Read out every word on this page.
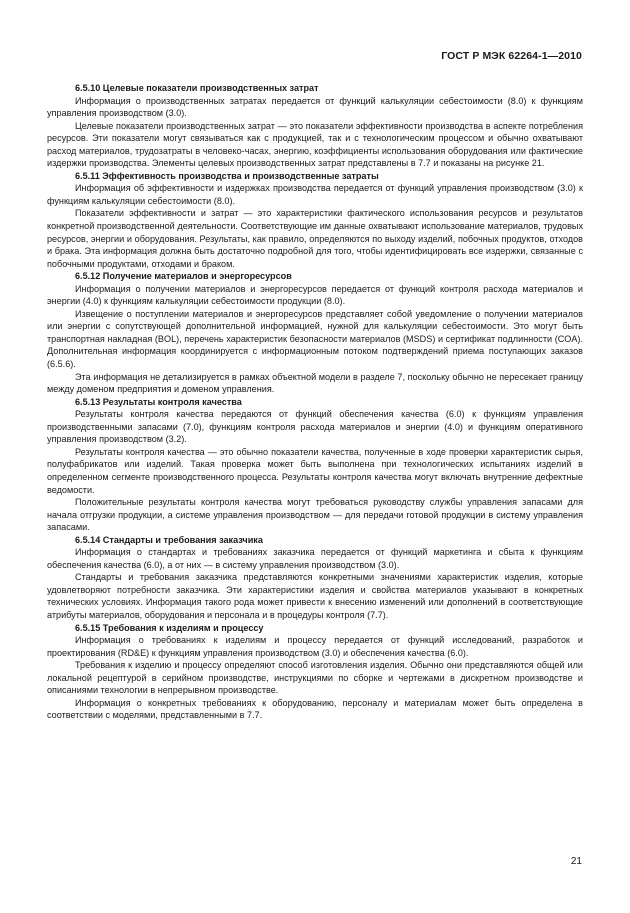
ГОСТ Р МЭК 62264-1—2010
6.5.10 Целевые показатели производственных затрат

Информация о производственных затратах передается от функций калькуляции себестоимости (8.0) к функциям управления производством (3.0).

Целевые показатели производственных затрат — это показатели эффективности производства в аспекте потребления ресурсов. Эти показатели могут связываться как с продукцией, так и с технологическим процессом и обычно охватывают расход материалов, трудозатраты в человеко-часах, энергию, коэффициенты использования оборудования или фактические издержки производства. Элементы целевых производственных затрат представлены в 7.7 и показаны на рисунке 21.

6.5.11 Эффективность производства и производственные затраты

Информация об эффективности и издержках производства передается от функций управления производством (3.0) к функциям калькуляции себестоимости (8.0).

Показатели эффективности и затрат — это характеристики фактического использования ресурсов и результатов конкретной производственной деятельности. Соответствующие им данные охватывают использование материалов, трудовых ресурсов, энергии и оборудования. Результаты, как правило, определяются по выходу изделий, побочных продуктов, отходов и брака. Эта информация должна быть достаточно подробной для того, чтобы идентифицировать все издержки, связанные с побочными продуктами, отходами и браком.

6.5.12 Получение материалов и энергоресурсов

Информация о получении материалов и энергоресурсов передается от функций контроля расхода материалов и энергии (4.0) к функциям калькуляции себестоимости продукции (8.0).

Извещение о поступлении материалов и энергоресурсов представляет собой уведомление о получении материалов или энергии с сопутствующей дополнительной информацией, нужной для калькуляции себестоимости. Это могут быть транспортная накладная (BOL), перечень характеристик безопасности материалов (MSDS) и сертификат подлинности (COA). Дополнительная информация координируется с информационным потоком подтверждений приема поступающих заказов (6.5.6).

Эта информация не детализируется в рамках объектной модели в разделе 7, поскольку обычно не пересекает границу между доменом предприятия и доменом управления.

6.5.13 Результаты контроля качества

Результаты контроля качества передаются от функций обеспечения качества (6.0) к функциям управления производственными запасами (7.0), функциям контроля расхода материалов и энергии (4.0) и функциям оперативного управления производством (3.2).

Результаты контроля качества — это обычно показатели качества, полученные в ходе проверки характеристик сырья, полуфабрикатов или изделий. Такая проверка может быть выполнена при технологических испытаниях изделий в определенном сегменте производственного процесса. Результаты контроля качества могут включать внутренние дефектные ведомости.

Положительные результаты контроля качества могут требоваться руководству службы управления запасами для начала отгрузки продукции, а системе управления производством — для передачи готовой продукции в систему управления запасами.

6.5.14 Стандарты и требования заказчика

Информация о стандартах и требованиях заказчика передается от функций маркетинга и сбыта к функциям обеспечения качества (6.0), а от них — в систему управления производством (3.0).

Стандарты и требования заказчика представляются конкретными значениями характеристик изделия, которые удовлетворяют потребности заказчика. Эти характеристики изделия и свойства материалов указывают в конкретных технических условиях. Информация такого рода может привести к внесению изменений или дополнений в соответствующие атрибуты материалов, оборудования и персонала и в процедуры контроля (7.7).

6.5.15 Требования к изделиям и процессу

Информация о требованиях к изделиям и процессу передается от функций исследований, разработок и проектирования (RD&E) к функциям управления производством (3.0) и обеспечения качества (6.0).

Требования к изделию и процессу определяют способ изготовления изделия. Обычно они представляются общей или локальной рецептурой в серийном производстве, инструкциями по сборке и чертежами в дискретном производстве и описаниями технологии в непрерывном производстве.

Информация о конкретных требованиях к оборудованию, персоналу и материалам может быть определена в соответствии с моделями, представленными в 7.7.

21
